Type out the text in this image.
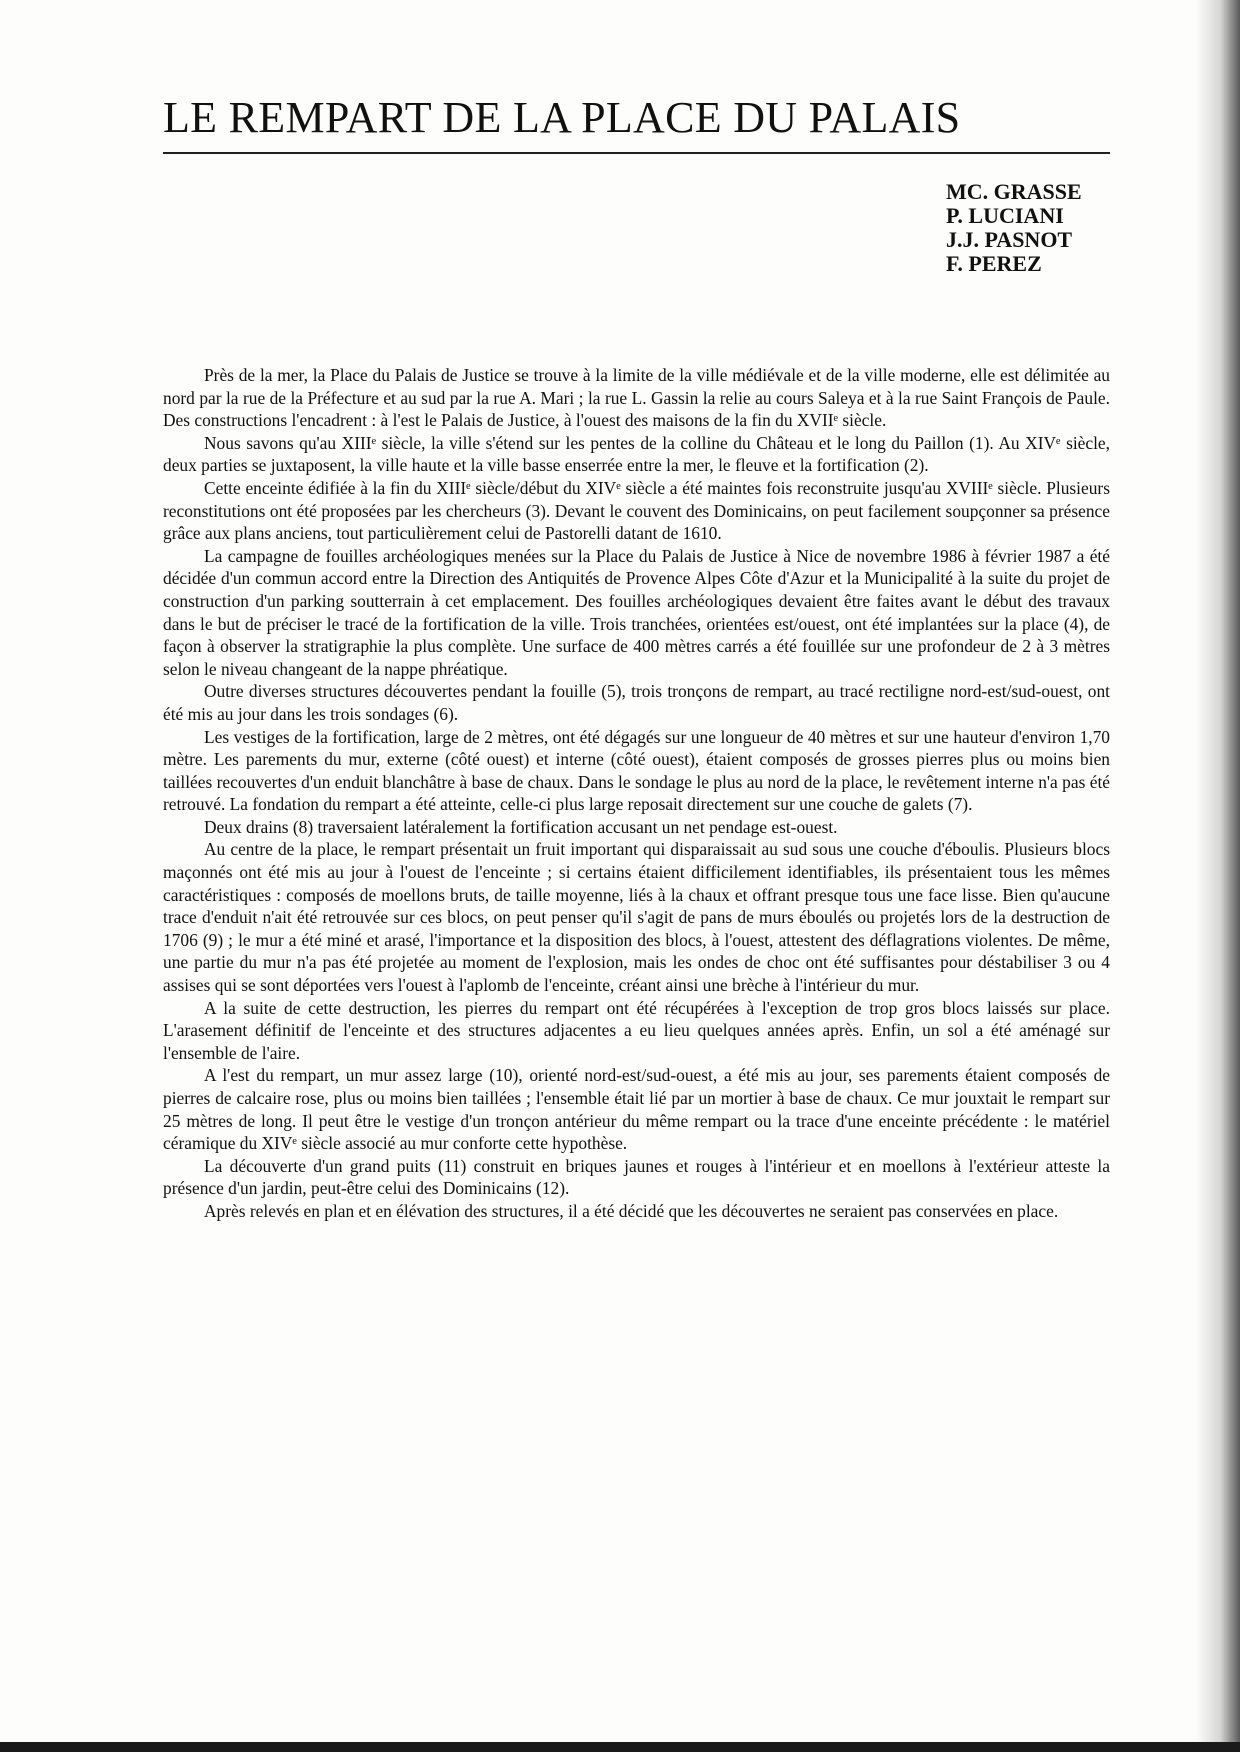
LE REMPART DE LA PLACE DU PALAIS
MC. GRASSE
P. LUCIANI
J.J. PASNOT
F. PEREZ

Près de la mer, la Place du Palais de Justice se trouve à la limite de la ville médiévale et de la ville moderne, elle est délimitée au nord par la rue de la Préfecture et au sud par la rue A. Mari ; la rue L. Gassin la relie au cours Saleya et à la rue Saint François de Paule. Des constructions l'encadrent : à l'est le Palais de Justice, à l'ouest des maisons de la fin du XVIIᵉ siècle.

Nous savons qu'au XIIIᵉ siècle, la ville s'étend sur les pentes de la colline du Château et le long du Paillon (1). Au XIVᵉ siècle, deux parties se juxtaposent, la ville haute et la ville basse enserrée entre la mer, le fleuve et la fortification (2).

Cette enceinte édifiée à la fin du XIIIᵉ siècle/début du XIVᵉ siècle a été maintes fois reconstruite jusqu'au XVIIIᵉ siècle. Plusieurs reconstitutions ont été proposées par les chercheurs (3). Devant le couvent des Dominicains, on peut facilement soupçonner sa présence grâce aux plans anciens, tout particulièrement celui de Pastorelli datant de 1610.

La campagne de fouilles archéologiques menées sur la Place du Palais de Justice à Nice de novembre 1986 à février 1987 a été décidée d'un commun accord entre la Direction des Antiquités de Provence Alpes Côte d'Azur et la Municipalité à la suite du projet de construction d'un parking soutterrain à cet emplacement. Des fouilles archéologiques devaient être faites avant le début des travaux dans le but de préciser le tracé de la fortification de la ville. Trois tranchées, orientées est/ouest, ont été implantées sur la place (4), de façon à observer la stratigraphie la plus complète. Une surface de 400 mètres carrés a été fouillée sur une profondeur de 2 à 3 mètres selon le niveau changeant de la nappe phréatique.

Outre diverses structures découvertes pendant la fouille (5), trois tronçons de rempart, au tracé rectiligne nord-est/sud-ouest, ont été mis au jour dans les trois sondages (6).

Les vestiges de la fortification, large de 2 mètres, ont été dégagés sur une longueur de 40 mètres et sur une hauteur d'environ 1,70 mètre. Les parements du mur, externe (côté ouest) et interne (côté ouest), étaient composés de grosses pierres plus ou moins bien taillées recouvertes d'un enduit blanchâtre à base de chaux. Dans le sondage le plus au nord de la place, le revêtement interne n'a pas été retrouvé. La fondation du rempart a été atteinte, celle-ci plus large reposait directement sur une couche de galets (7).

Deux drains (8) traversaient latéralement la fortification accusant un net pendage est-ouest.

Au centre de la place, le rempart présentait un fruit important qui disparaissait au sud sous une couche d'éboulis. Plusieurs blocs maçonnés ont été mis au jour à l'ouest de l'enceinte ; si certains étaient difficilement identifiables, ils présentaient tous les mêmes caractéristiques : composés de moellons bruts, de taille moyenne, liés à la chaux et offrant presque tous une face lisse. Bien qu'aucune trace d'enduit n'ait été retrouvée sur ces blocs, on peut penser qu'il s'agit de pans de murs éboulés ou projetés lors de la destruction de 1706 (9) ; le mur a été miné et arasé, l'importance et la disposition des blocs, à l'ouest, attestent des déflagrations violentes. De même, une partie du mur n'a pas été projetée au moment de l'explosion, mais les ondes de choc ont été suffisantes pour déstabiliser 3 ou 4 assises qui se sont déportées vers l'ouest à l'aplomb de l'enceinte, créant ainsi une brèche à l'intérieur du mur.

A la suite de cette destruction, les pierres du rempart ont été récupérées à l'exception de trop gros blocs laissés sur place. L'arasement définitif de l'enceinte et des structures adjacentes a eu lieu quelques années après. Enfin, un sol a été aménagé sur l'ensemble de l'aire.

A l'est du rempart, un mur assez large (10), orienté nord-est/sud-ouest, a été mis au jour, ses parements étaient composés de pierres de calcaire rose, plus ou moins bien taillées ; l'ensemble était lié par un mortier à base de chaux. Ce mur jouxtait le rempart sur 25 mètres de long. Il peut être le vestige d'un tronçon antérieur du même rempart ou la trace d'une enceinte précédente : le matériel céramique du XIVᵉ siècle associé au mur conforte cette hypothèse.

La découverte d'un grand puits (11) construit en briques jaunes et rouges à l'intérieur et en moellons à l'extérieur atteste la présence d'un jardin, peut-être celui des Dominicains (12).

Après relevés en plan et en élévation des structures, il a été décidé que les découvertes ne seraient pas conservées en place.
